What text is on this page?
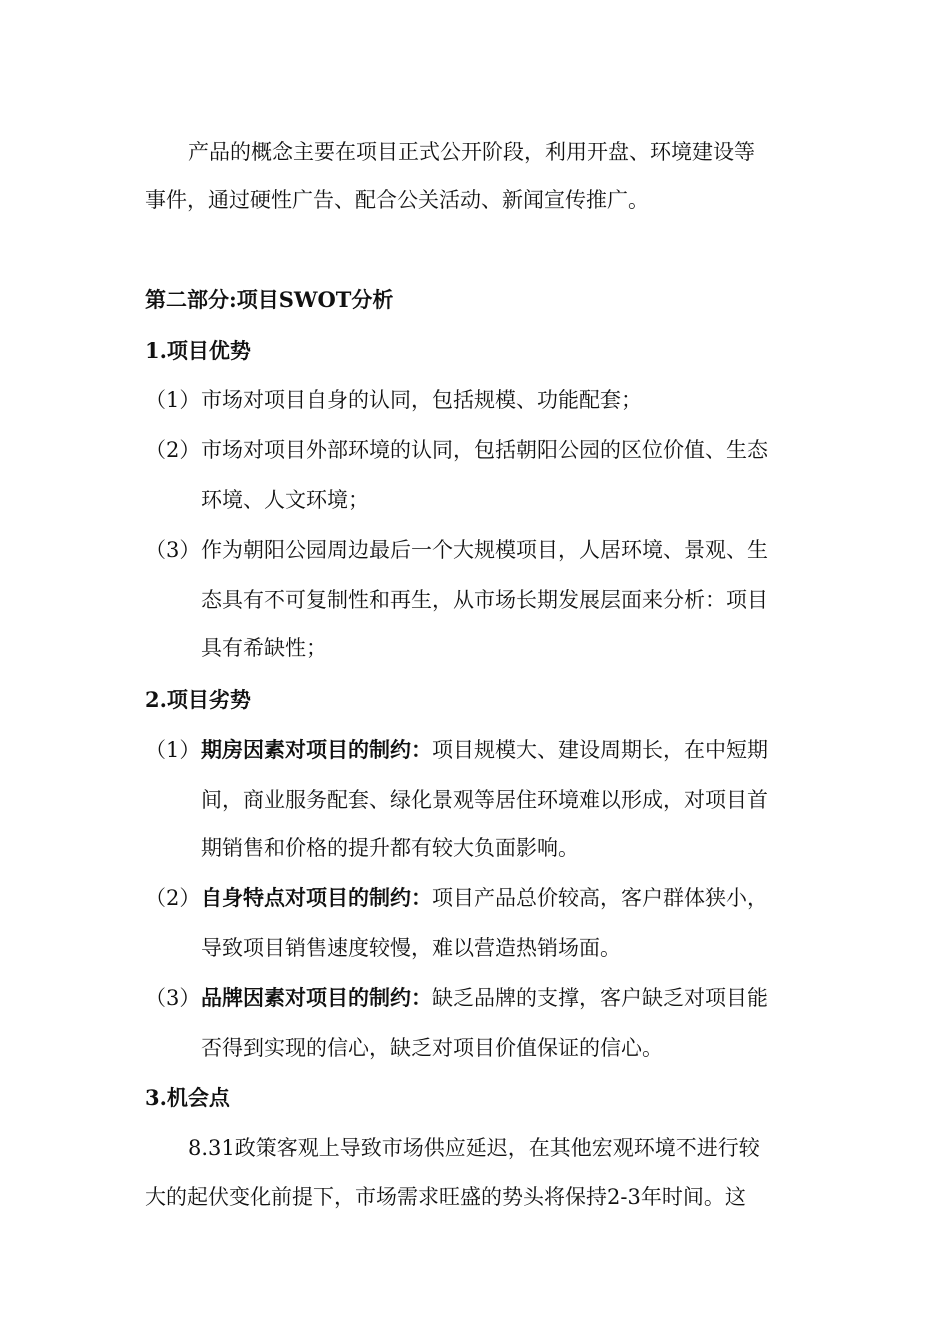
产品的概念主要在项目正式公开阶段，利用开盘、环境建设等
事件，通过硬性广告、配合公关活动、新闻宣传推广。
第二部分:项目SWOT分析
1.项目优势
（1）市场对项目自身的认同，包括规模、功能配套；
（2）市场对项目外部环境的认同，包括朝阳公园的区位价值、生态
环境、人文环境；
（3）作为朝阳公园周边最后一个大规模项目，人居环境、景观、生
态具有不可复制性和再生，从市场长期发展层面来分析：项目
具有希缺性；
2.项目劣势
（1）期房因素对项目的制约：项目规模大、建设周期长，在中短期
间，商业服务配套、绿化景观等居住环境难以形成，对项目首
期销售和价格的提升都有较大负面影响。
（2）自身特点对项目的制约：项目产品总价较高，客户群体狭小，
导致项目销售速度较慢，难以营造热销场面。
（3）品牌因素对项目的制约：缺乏品牌的支撑，客户缺乏对项目能
否得到实现的信心，缺乏对项目价值保证的信心。
3.机会点
8.31政策客观上导致市场供应延迟，在其他宏观环境不进行较
大的起伏变化前提下，市场需求旺盛的势头将保持2-3年时间。这
